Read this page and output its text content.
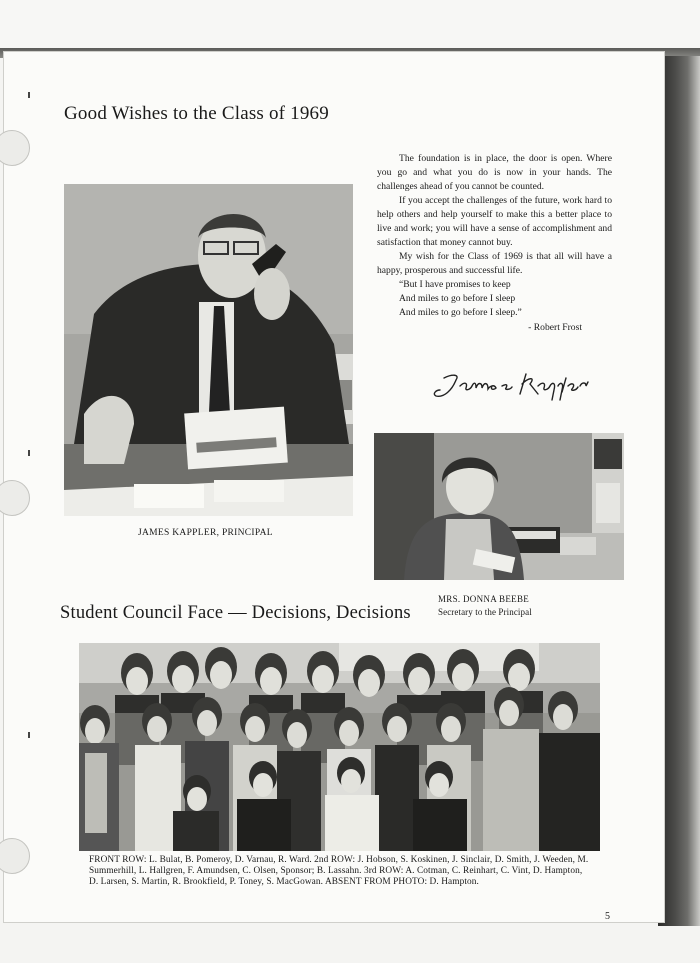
Good Wishes to the Class of 1969

The foundation is in place, the door is open. Where you go and what you do is now in your hands. The challenges ahead of you cannot be counted.

If you accept the challenges of the future, work hard to help others and help yourself to make this a better place to live and work; you will have a sense of accomplishment and satisfaction that money cannot buy.

My wish for the Class of 1969 is that all will have a happy, prosperous and successful life.

“But I have promises to keep
And miles to go before I sleep
And miles to go before I sleep.”
- Robert Frost
JAMES KAPPLER, PRINCIPAL
MRS. DONNA BEEBE
Secretary to the Principal
Student Council Face — Decisions, Decisions
FRONT ROW: L. Bulat, B. Pomeroy, D. Varnau, R. Ward. 2nd ROW: J. Hobson, S. Koskinen, J. Sinclair, D. Smith, J. Weeden, M. Summerhill, L. Hallgren, F. Amundsen, C. Olsen, Sponsor; B. Lassahn. 3rd ROW: A. Cotman, C. Reinhart, C. Vint, D. Hampton, D. Larsen, S. Martin, R. Brookfield, P. Toney, S. MacGowan. ABSENT FROM PHOTO: D. Hampton.
5
